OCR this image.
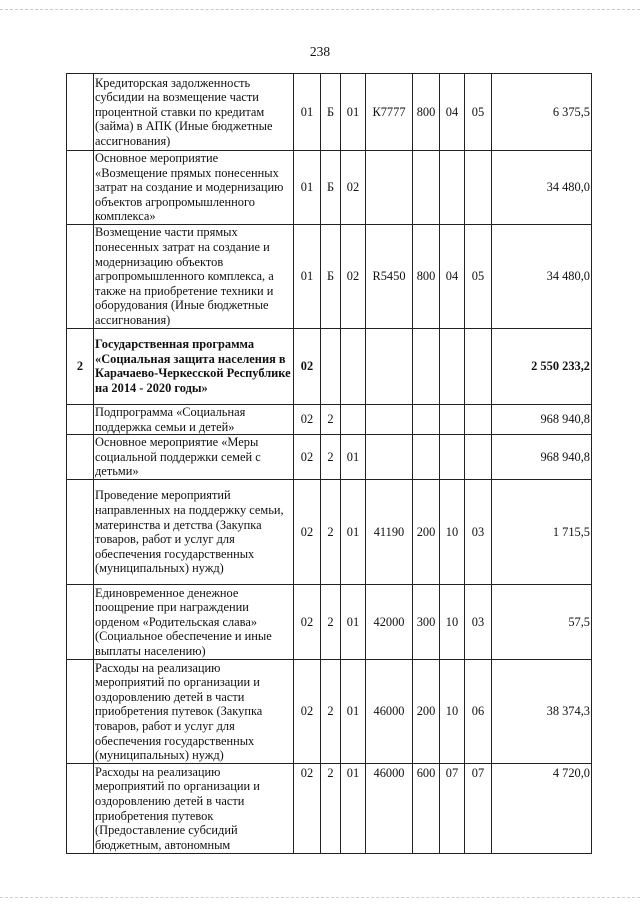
238
	Кредиторская задолженность субсидии на возмещение части процентной ставки по кредитам (займа) в АПК (Иные бюджетные ассигнования)	01	Б	01	К7777	800	04	05	6 375,5
	Основное мероприятие «Возмещение прямых понесенных затрат на создание и модернизацию объектов агропромышленного комплекса»	01	Б	02					34 480,0
	Возмещение части прямых понесенных затрат на создание и модернизацию объектов агропромышленного комплекса, а также на приобретение техники и оборудования (Иные бюджетные ассигнования)	01	Б	02	R5450	800	04	05	34 480,0
2	Государственная программа «Социальная защита населения в Карачаево-Черкесской Республике на 2014 - 2020 годы»	02							2 550 233,2
	Подпрограмма «Социальная поддержка семьи и детей»	02	2						968 940,8
	Основное мероприятие «Меры социальной поддержки семей с детьми»	02	2	01					968 940,8
	Проведение мероприятий направленных на поддержку семьи, материнства и детства (Закупка товаров, работ и услуг для обеспечения государственных (муниципальных) нужд)	02	2	01	41190	200	10	03	1 715,5
	Единовременное денежное поощрение при награждении орденом «Родительская слава» (Социальное обеспечение и иные выплаты населению)	02	2	01	42000	300	10	03	57,5
	Расходы на реализацию мероприятий по организации и оздоровлению детей в части приобретения путевок (Закупка товаров, работ и услуг для обеспечения государственных (муниципальных) нужд)	02	2	01	46000	200	10	06	38 374,3
	Расходы на реализацию мероприятий по организации и оздоровлению детей в части приобретения путевок (Предоставление субсидий бюджетным, автономным	02	2	01	46000	600	07	07	4 720,0
